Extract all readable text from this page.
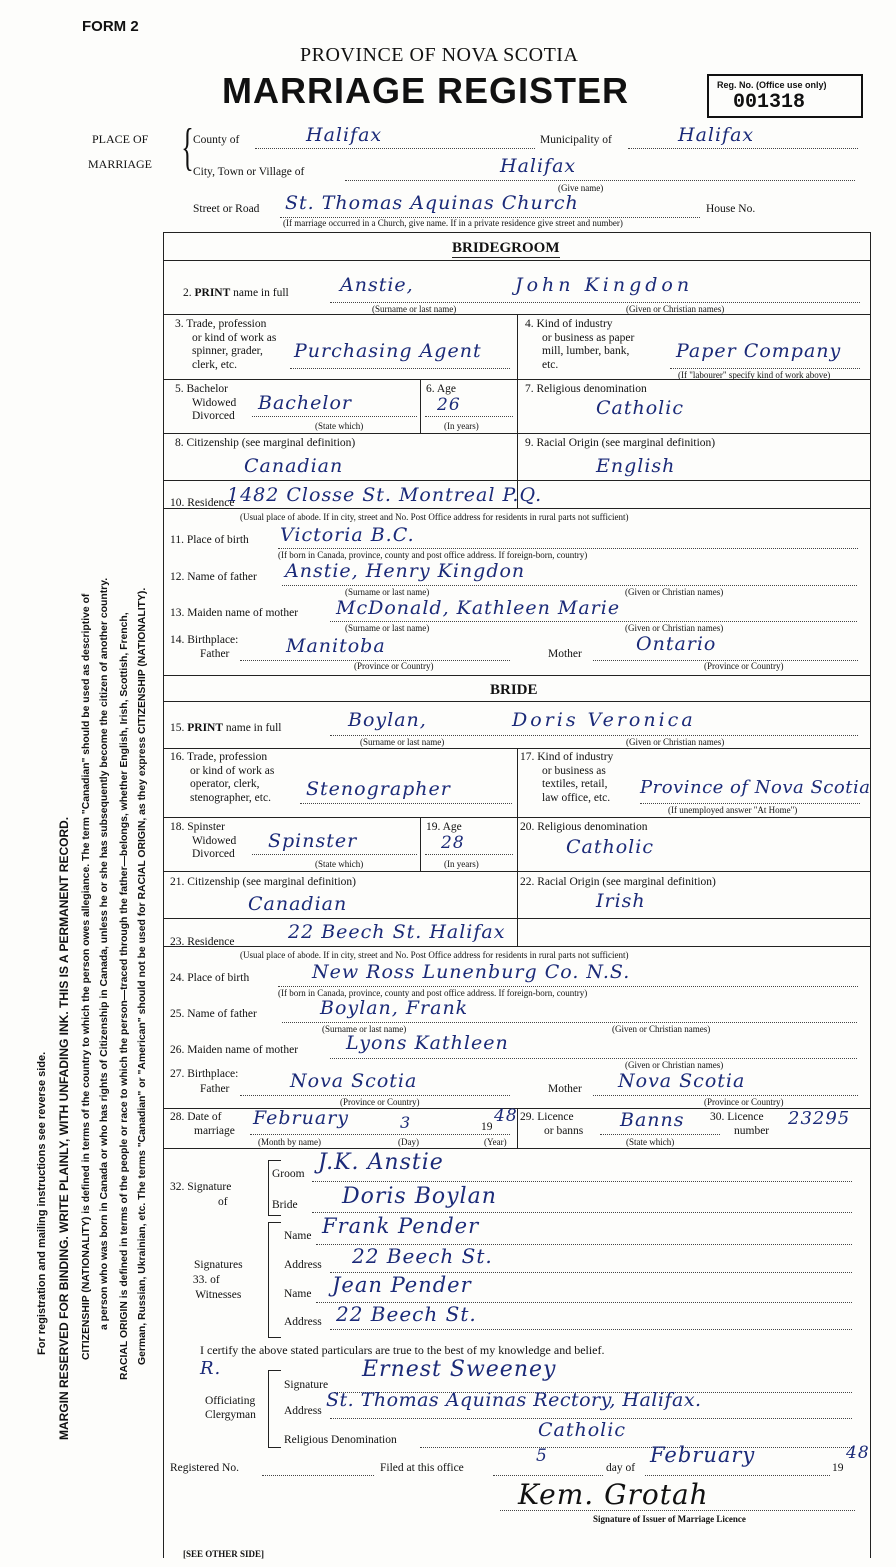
For registration and mailing instructions see reverse side. MARGIN RESERVED FOR BINDING. WRITE PLAINLY, WITH UNFADING INK. THIS IS A PERMANENT RECORD. CITIZENSHIP (NATIONALITY) is defined in terms of the country to which the person owes allegiance. The term "Canadian" should be used as descriptive of a person who was born in Canada or who has rights of Citizenship in Canada, unless he or she has subsequently become the citizen of another country. RACIAL ORIGIN is defined in terms of the people or race to which the person—traced through the father—belongs, whether English, Irish, Scottish, French, German, Russian, Ukrainian, etc. The terms "Canadian" or "American" should not be used for RACIAL ORIGIN, as they express CITIZENSHIP (NATIONALITY).
FORM 2
PROVINCE OF NOVA SCOTIA
MARRIAGE REGISTER	Reg. No. (Office use only)
001318
PLACE OF
MARRIAGE { County of	Halifax	Municipality of	Halifax
City, Town or Village of	Halifax
(Give name)
Street or Road St. Thomas Aquinas Church	House No.
(If marriage occurred in a Church, give name. If in a private residence give street and number)
BRIDEGROOM
2. PRINT name in full	Anstie,	John Kingdon
(Surname or last name)	(Given or Christian names)
3. Trade, profession
or kind of work as
spinner, grader,
clerk, etc.
Purchasing Agent
4. Kind of industry
or business as paper
mill, lumber, bank,
etc.
Paper Company
(If "labourer" specify kind of work above)
5. Bachelor
Widowed
Divorced
Bachelor
(State which)
6. Age
26
(In years)
7. Religious denomination
Catholic
8. Citizenship (see marginal definition)
Canadian
9. Racial Origin (see marginal definition)
English
10. Residence
1482 Closse St. Montreal P.Q.
(Usual place of abode. If in city, street and No. Post Office address for residents in rural parts not sufficient)
11. Place of birth Victoria B.C.
(If born in Canada, province, county and post office address. If foreign-born, country)
12. Name of father Anstie, Henry Kingdon
(Surname or last name)	(Given or Christian names)
13. Maiden name of mother McDonald, Kathleen Marie
(Surname or last name)	(Given or Christian names)
14. Birthplace:
Father	Manitoba
(Province or Country)
Mother	Ontario
(Province or Country)
BRIDE
15. PRINT name in full	Boylan,	Doris Veronica
(Surname or last name)	(Given or Christian names)
16. Trade, profession
or kind of work as
operator, clerk,
stenographer, etc. Stenographer
17. Kind of industry
or business as
textiles, retail,
law office, etc. Province of Nova Scotia
(If unemployed answer "At Home")
18. Spinster
Widowed
Divorced
Spinster
(State which)
19. Age
28
(In years)
20. Religious denomination
Catholic
21. Citizenship (see marginal definition)
Canadian
22. Racial Origin (see marginal definition)
Irish
23. Residence	22 Beech St. Halifax
(Usual place of abode. If in city, street and No. Post Office address for residents in rural parts not sufficient)
24. Place of birth	New Ross Lunenburg Co. N.S.
(If born in Canada, province, county and post office address. If foreign-born, country)
25. Name of father	Boylan, Frank
(Surname or last name)	(Given or Christian names)
26. Maiden name of mother	Lyons Kathleen
(Given or Christian names)
27. Birthplace:
Father	Nova Scotia
(Province or Country)
Mother Nova Scotia
(Province or Country)
28. Date of
marriage
February	3	19
48
(Month by name)	(Day)	(Year)
29. Licence
or banns Banns
(State which)
30. Licence
number
23295
32. Signature
of
Groom J.K. Anstie
Bride Doris Boylan
Signatures
33. of
Witnesses
Name Frank Pender
Address 22 Beech St.
Name Jean Pender
Address 22 Beech St.
I certify the above stated particulars are true to the best of my knowledge and belief.
R.
Officiating
Clergyman
Signature
Ernest Sweeney
Address St. Thomas Aquinas Rectory, Halifax.
Religious Denomination	Catholic
Registered No.	Filed at this office
5
day of
February
19
48
Kem. Grotah
Signature of Issuer of Marriage Licence
[SEE OTHER SIDE]
